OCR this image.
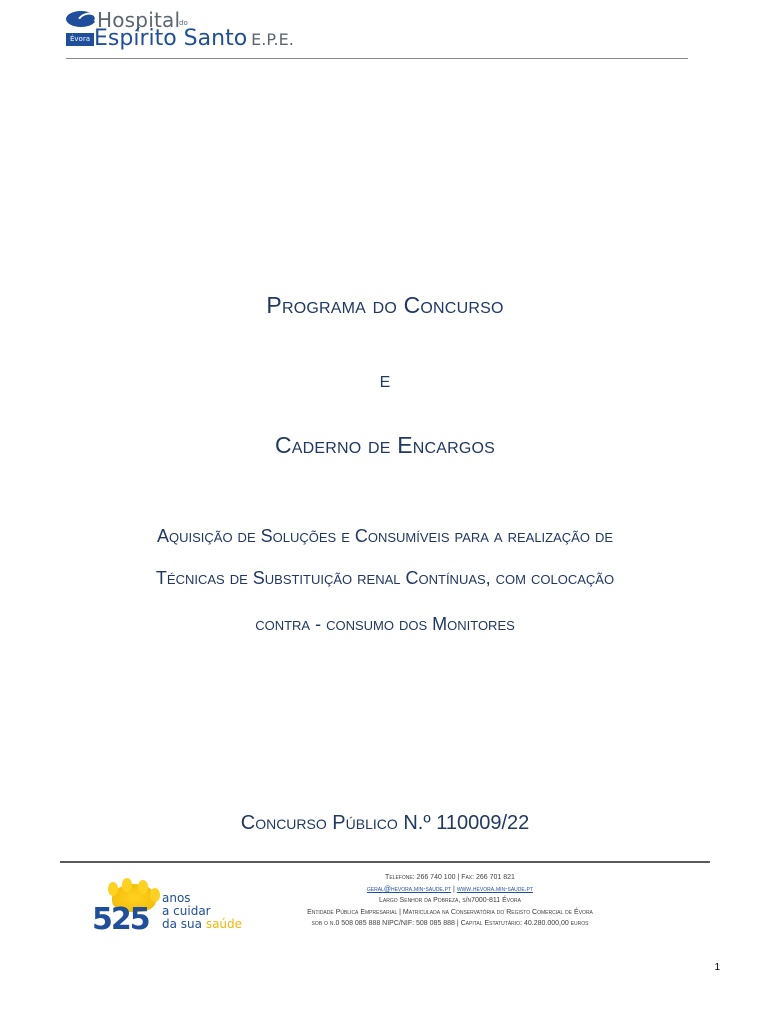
Hospital
do
Évora Espírito Santo E.P.E.
Programa do Concurso
e
Caderno de Encargos
Aquisição de Soluções e Consumíveis para a realização de
Técnicas de Substituição renal Contínuas, com colocação
contra - consumo dos Monitores
Concurso Público N.º 110009/22
525
anos
a cuidar
da sua saúde
Telefone: 266 740 100 | Fax: 266 701 821
geral@hevora.min-saude.pt | www.hevora.min-saude.pt
Largo Senhor da Pobreza, s/n7000-811 Évora
Entidade Pública Empresarial | Matriculada na Conservatória do Registo Comercial de Évora
sob o n.0 508 085 888 NIPC/NIF: 508 085 888 | Capital Estatutário: 40.280.000,00 euros
1
